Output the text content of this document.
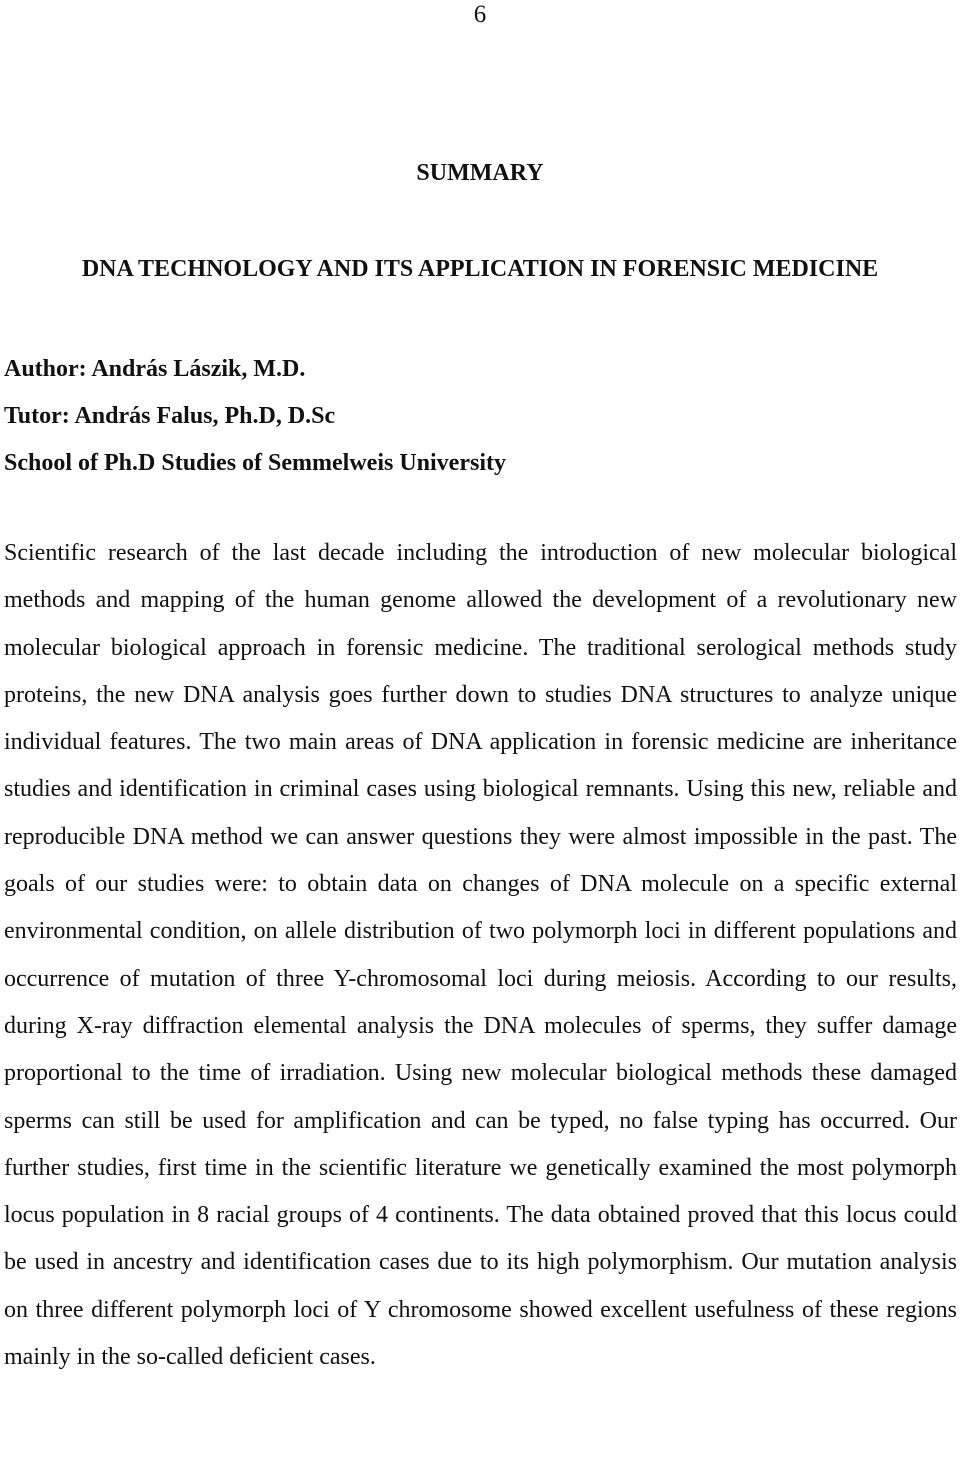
6
SUMMARY
DNA TECHNOLOGY AND ITS APPLICATION IN FORENSIC MEDICINE
Author: András Lászik, M.D.
Tutor: András Falus, Ph.D, D.Sc
School of Ph.D Studies of Semmelweis University

Scientific research of the last decade including the introduction of new molecular biological methods and mapping of the human genome allowed the development of a revolutionary new molecular biological approach in forensic medicine. The traditional serological methods study proteins, the new DNA analysis goes further down to studies DNA structures to analyze unique individual features. The two main areas of DNA application in forensic medicine are inheritance studies and identification in criminal cases using biological remnants. Using this new, reliable and reproducible DNA method we can answer questions they were almost impossible in the past. The goals of our studies were: to obtain data on changes of DNA molecule on a specific external environmental condition, on allele distribution of two polymorph loci in different populations and occurrence of mutation of three Y-chromosomal loci during meiosis. According to our results, during X-ray diffraction elemental analysis the DNA molecules of sperms, they suffer damage proportional to the time of irradiation. Using new molecular biological methods these damaged sperms can still be used for amplification and can be typed, no false typing has occurred. Our further studies, first time in the scientific literature we genetically examined the most polymorph locus population in 8 racial groups of 4 continents. The data obtained proved that this locus could be used in ancestry and identification cases due to its high polymorphism. Our mutation analysis on three different polymorph loci of Y chromosome showed excellent usefulness of these regions mainly in the so-called deficient cases.
